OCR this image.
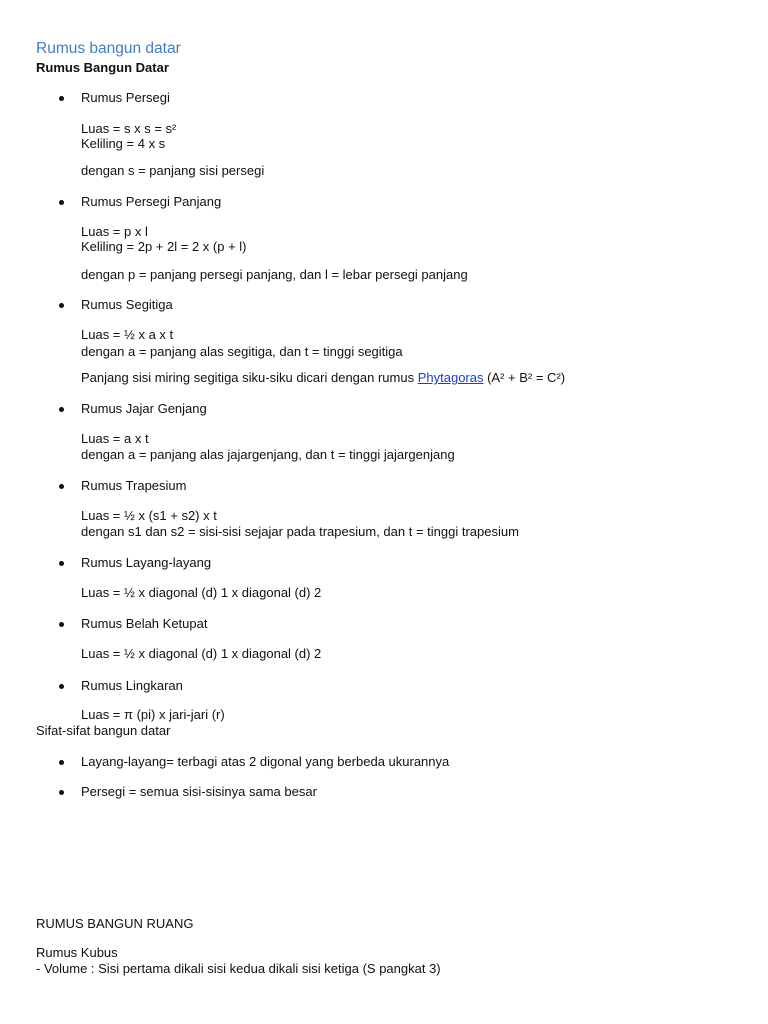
Rumus bangun datar
Rumus Bangun Datar
Rumus Persegi
Luas = s x s = s²
Keliling = 4 x s
dengan s = panjang sisi persegi
Rumus Persegi Panjang
Luas = p x l
Keliling = 2p + 2l = 2 x (p + l)
dengan p = panjang persegi panjang, dan l = lebar persegi panjang
Rumus Segitiga
Luas = ½ x a x t
dengan a = panjang alas segitiga, dan t = tinggi segitiga
Panjang sisi miring segitiga siku-siku dicari dengan rumus Phytagoras (A² + B² = C²)
Rumus Jajar Genjang
Luas = a x t
dengan a = panjang alas jajargenjang, dan t = tinggi jajargenjang
Rumus Trapesium
Luas = ½ x (s1 + s2) x t
dengan s1 dan s2 = sisi-sisi sejajar pada trapesium, dan t = tinggi trapesium
Rumus Layang-layang
Luas = ½ x diagonal (d) 1 x diagonal (d) 2
Rumus Belah Ketupat
Luas = ½ x diagonal (d) 1 x diagonal (d) 2
Rumus Lingkaran
Luas = π (pi) x jari-jari (r)
Sifat-sifat bangun datar
Layang-layang= terbagi atas 2 digonal yang berbeda ukurannya
Persegi = semua sisi-sisinya sama besar
RUMUS BANGUN RUANG
Rumus Kubus
- Volume : Sisi pertama dikali sisi kedua dikali sisi ketiga (S pangkat 3)
